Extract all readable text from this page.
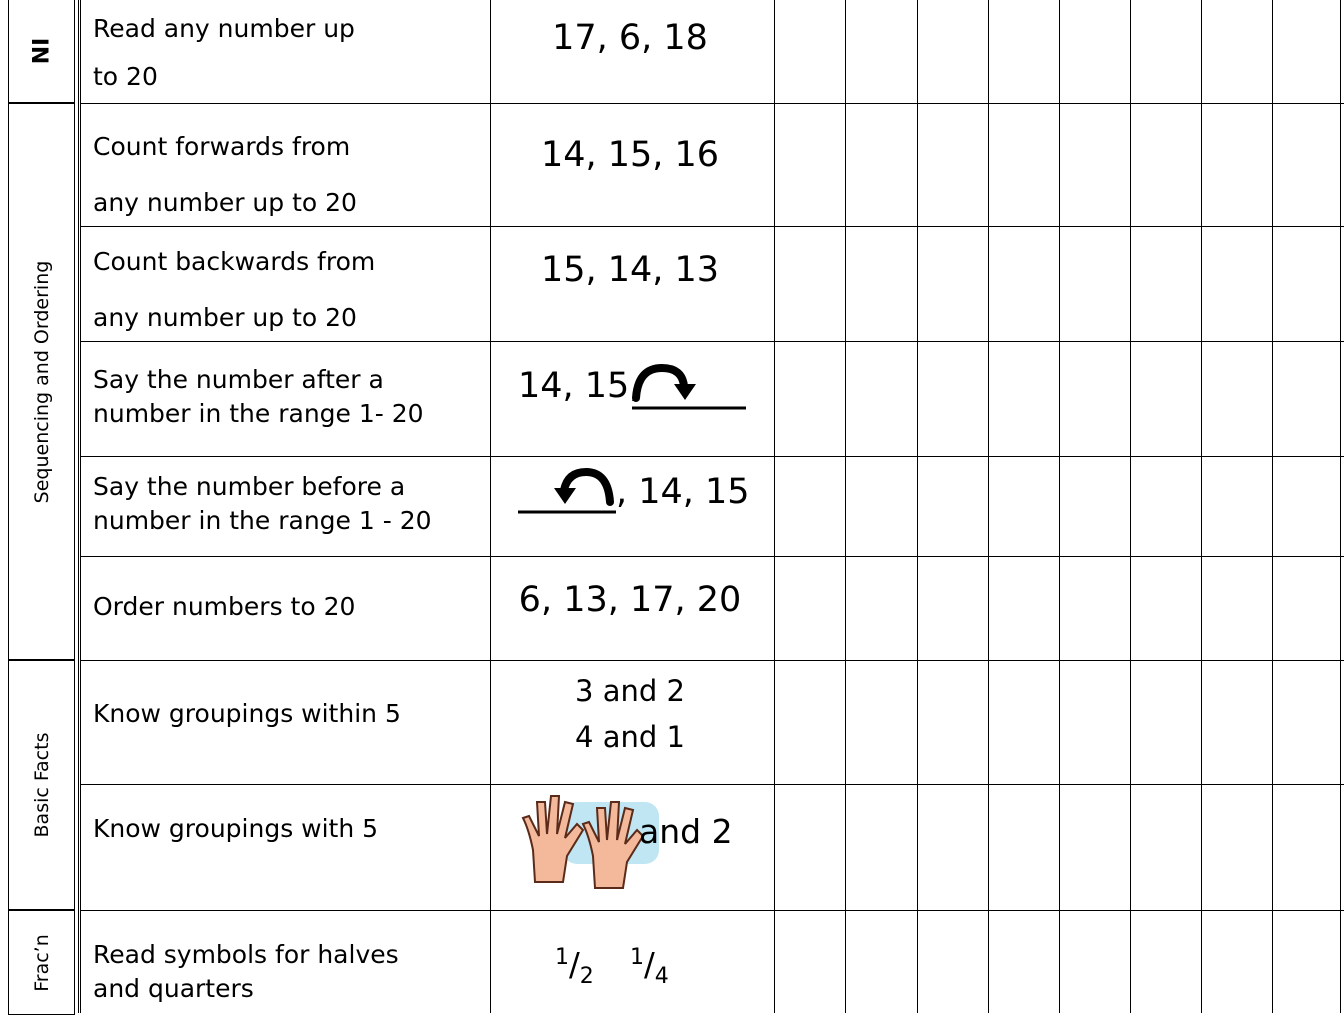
NI
Sequencing and Ordering
Basic Facts
Frac’n
Read any number up
to 20
17, 6, 18
Count forwards from
any number up to 20
14, 15, 16
Count backwards from
any number up to 20
15, 14, 13
Say the number after a
number in the range 1- 20
14, 15,
Say the number before a
number in the range 1 - 20
, 14, 15
Order numbers to 20	6, 13, 17, 20
Know groupings within 5
3 and 2
4 and 1
Know groupings with 5	and 2
Read symbols for halves
and quarters
$^1/_2$
$^1/_4$
